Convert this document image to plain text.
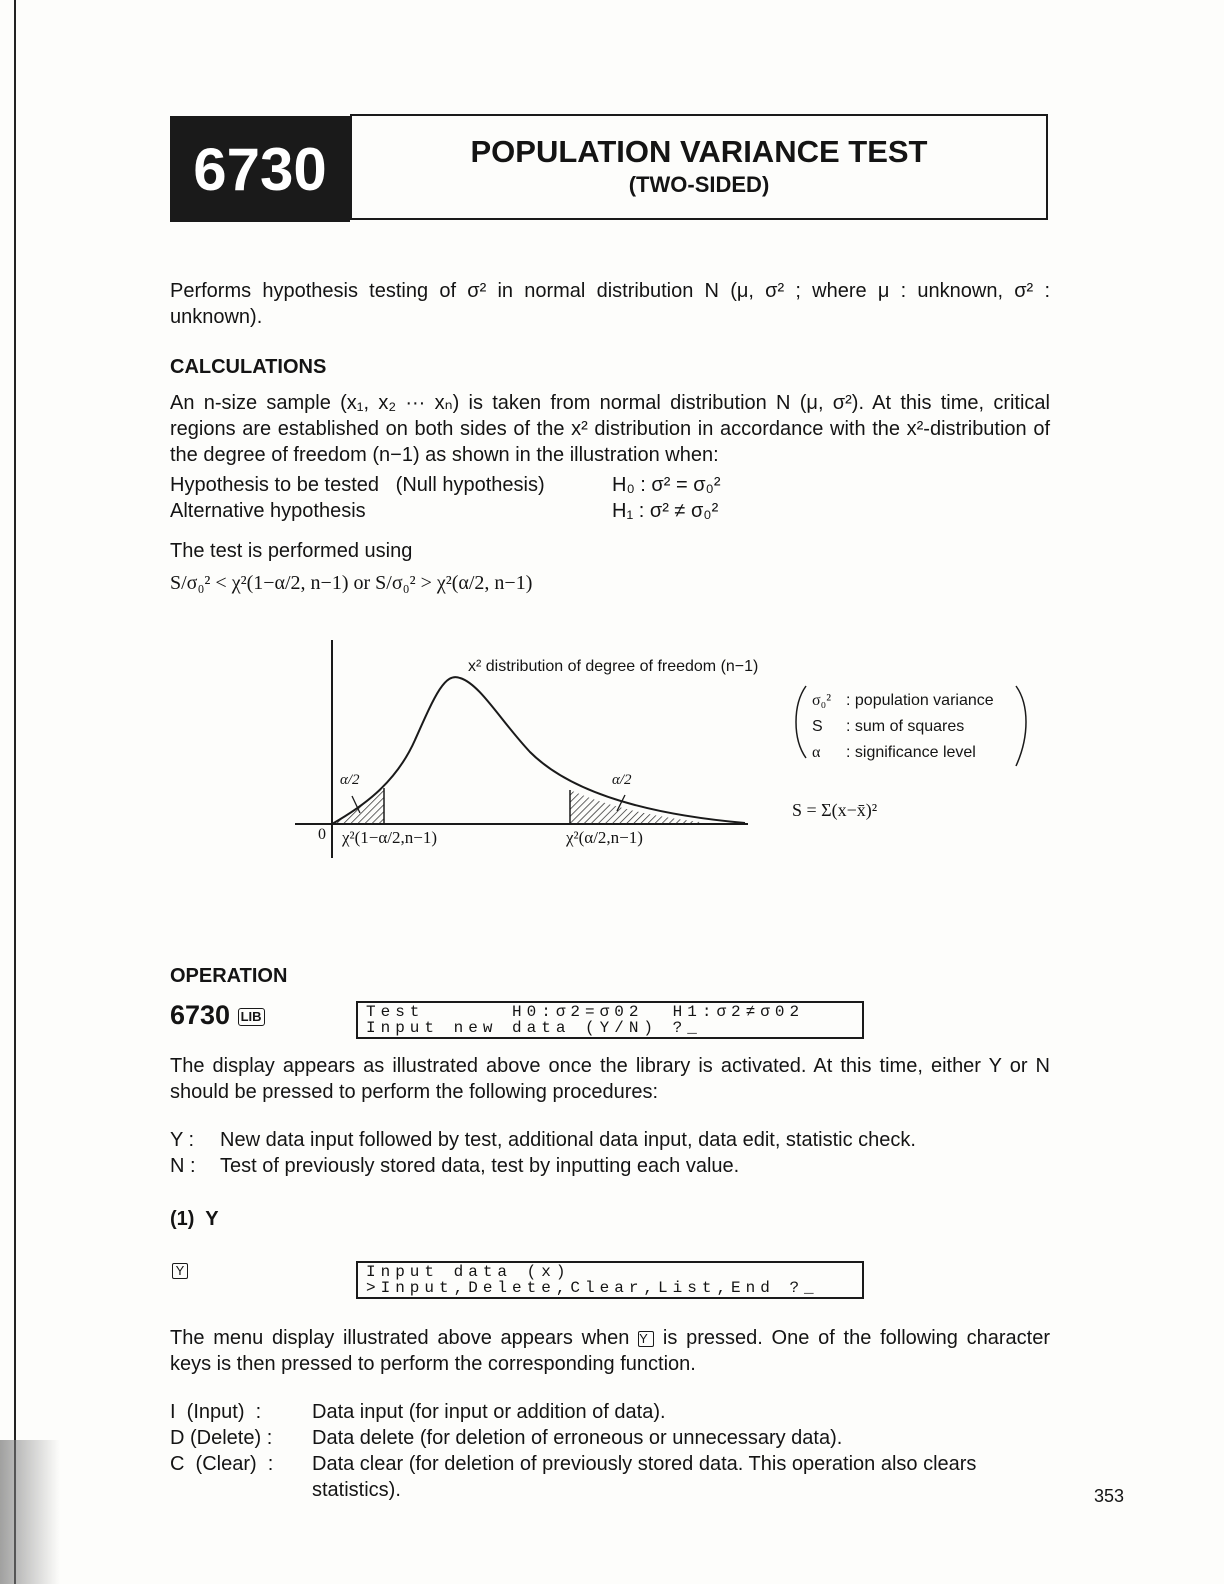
6730	POPULATION VARIANCE TEST
(TWO-SIDED)
Performs hypothesis testing of σ² in normal distribution N (μ, σ² ; where μ : unknown, σ² : unknown).
CALCULATIONS
An n-size sample (x₁, x₂ ··· xₙ) is taken from normal distribution N (μ, σ²). At this time, critical regions are established on both sides of the x² distribution in accordance with the x²-distribution of the degree of freedom (n−1) as shown in the illustration when:
Hypothesis to be tested   (Null hypothesis)	H₀ : σ² = σ₀²
Alternative hypothesis	H₁ : σ² ≠ σ₀²
The test is performed using
S/σ₀² < χ²(1−α/2, n−1) or S/σ₀² > χ²(α/2, n−1)
x² distribution of degree of freedom (n−1)
0
α/2	α/2
χ²(1−α/2,n−1)	χ²(α/2,n−1)
σ₀² : population variance
S : sum of squares
α : significance level
S = Σ(x−x̄)²
OPERATION
6730 LIB	Test      H0:σ2=σ02  H1:σ2≠σ02
Input new data (Y/N) ?_
The display appears as illustrated above once the library is activated. At this time, either Y or N should be pressed to perform the following procedures:
Y : New data input followed by test, additional data input, data edit, statistic check.
N : Test of previously stored data, test by inputting each value.
(1)  Y
Y	Input data (x)
>Input,Delete,Clear,List,End ?_
The menu display illustrated above appears when Y is pressed. One of the following character keys is then pressed to perform the corresponding function.
I  (Input)  :	Data input (for input or addition of data).
D (Delete) :	Data delete (for deletion of erroneous or unnecessary data).
C  (Clear)  :	Data clear (for deletion of previously stored data. This operation also clears statistics).	353
